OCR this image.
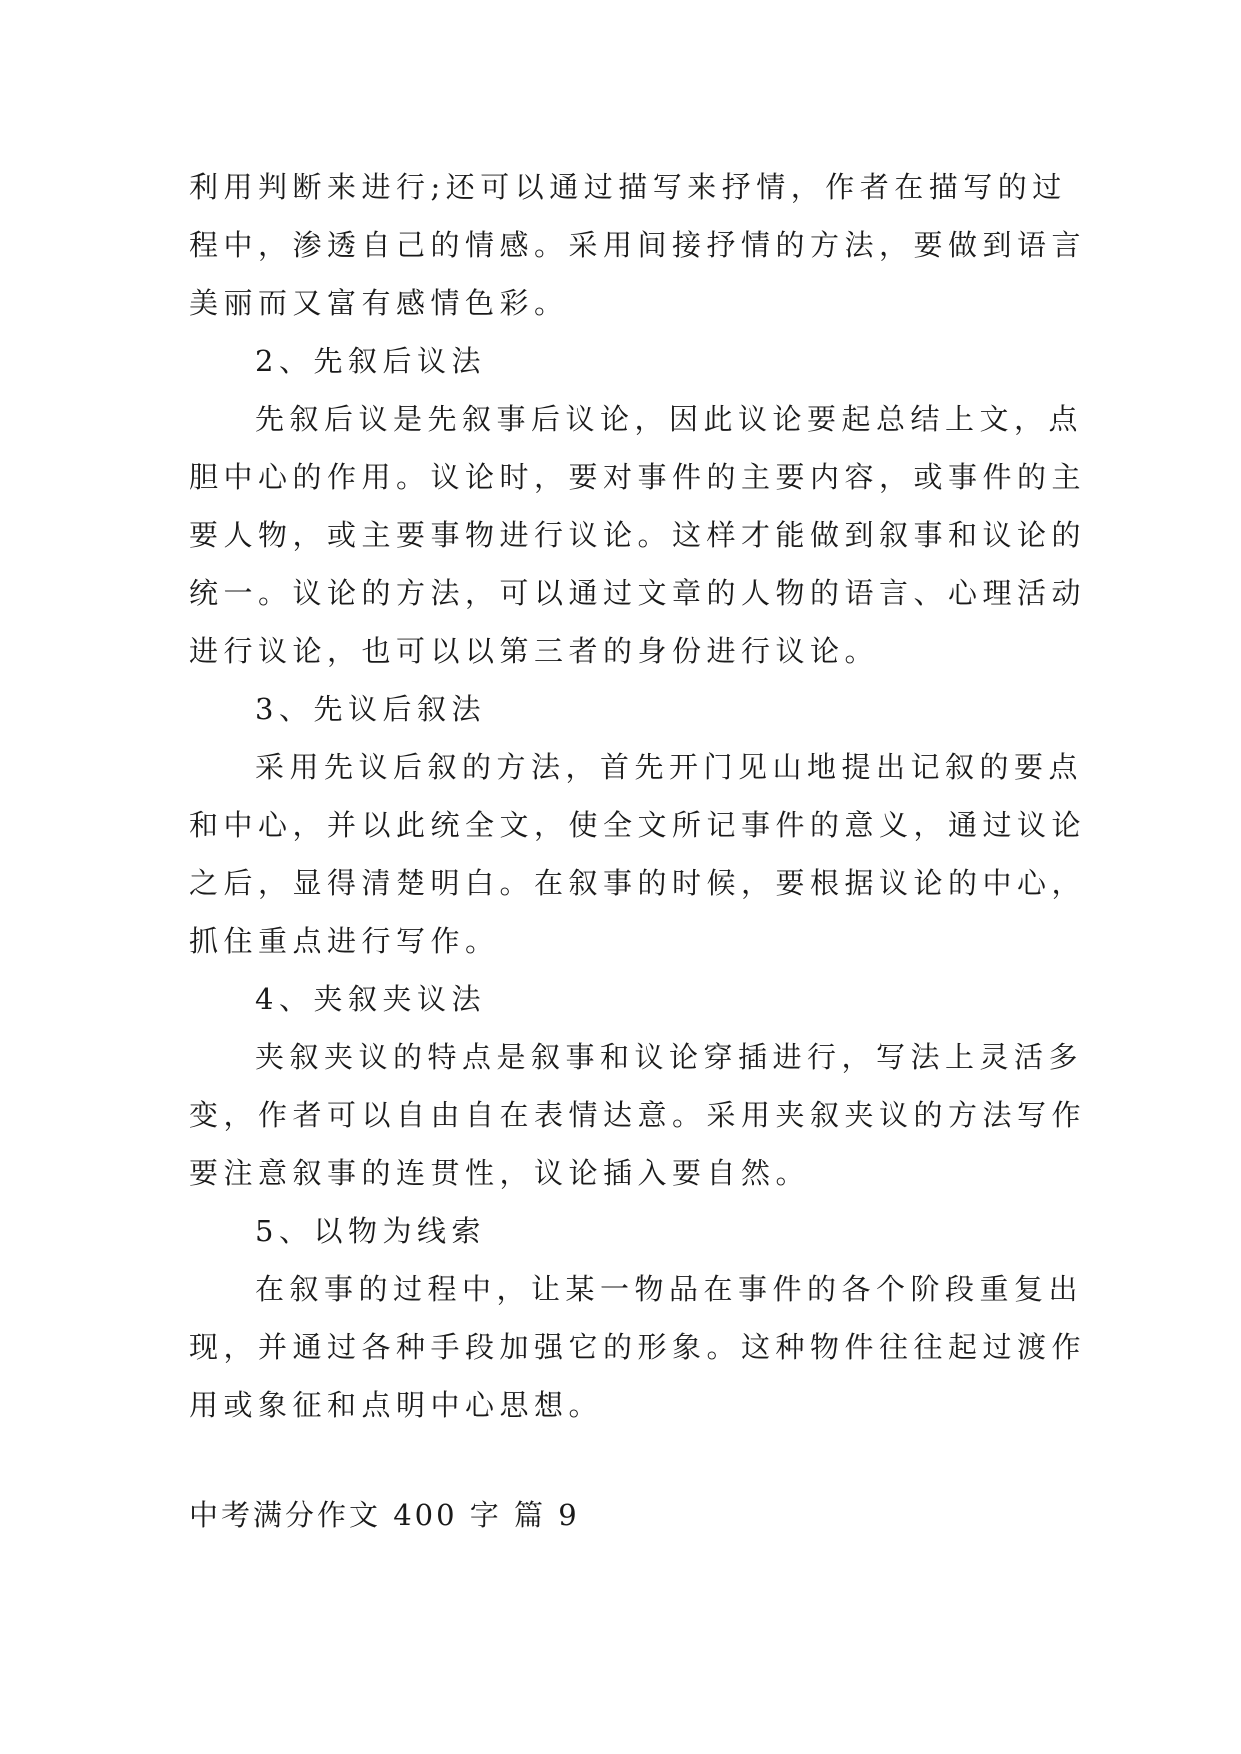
利用判断来进行;还可以通过描写来抒情，作者在描写的过
程中，渗透自己的情感。采用间接抒情的方法，要做到语言
美丽而又富有感情色彩。
2、先叙后议法
先叙后议是先叙事后议论，因此议论要起总结上文，点
胆中心的作用。议论时，要对事件的主要内容，或事件的主
要人物，或主要事物进行议论。这样才能做到叙事和议论的
统一。议论的方法，可以通过文章的人物的语言、心理活动
进行议论，也可以以第三者的身份进行议论。
3、先议后叙法
采用先议后叙的方法，首先开门见山地提出记叙的要点
和中心，并以此统全文，使全文所记事件的意义，通过议论
之后，显得清楚明白。在叙事的时候，要根据议论的中心，
抓住重点进行写作。
4、夹叙夹议法
夹叙夹议的特点是叙事和议论穿插进行，写法上灵活多
变，作者可以自由自在表情达意。采用夹叙夹议的方法写作
要注意叙事的连贯性，议论插入要自然。
5、以物为线索
在叙事的过程中，让某一物品在事件的各个阶段重复出
现，并通过各种手段加强它的形象。这种物件往往起过渡作
用或象征和点明中心思想。
中考满分作文 400 字 篇 9
